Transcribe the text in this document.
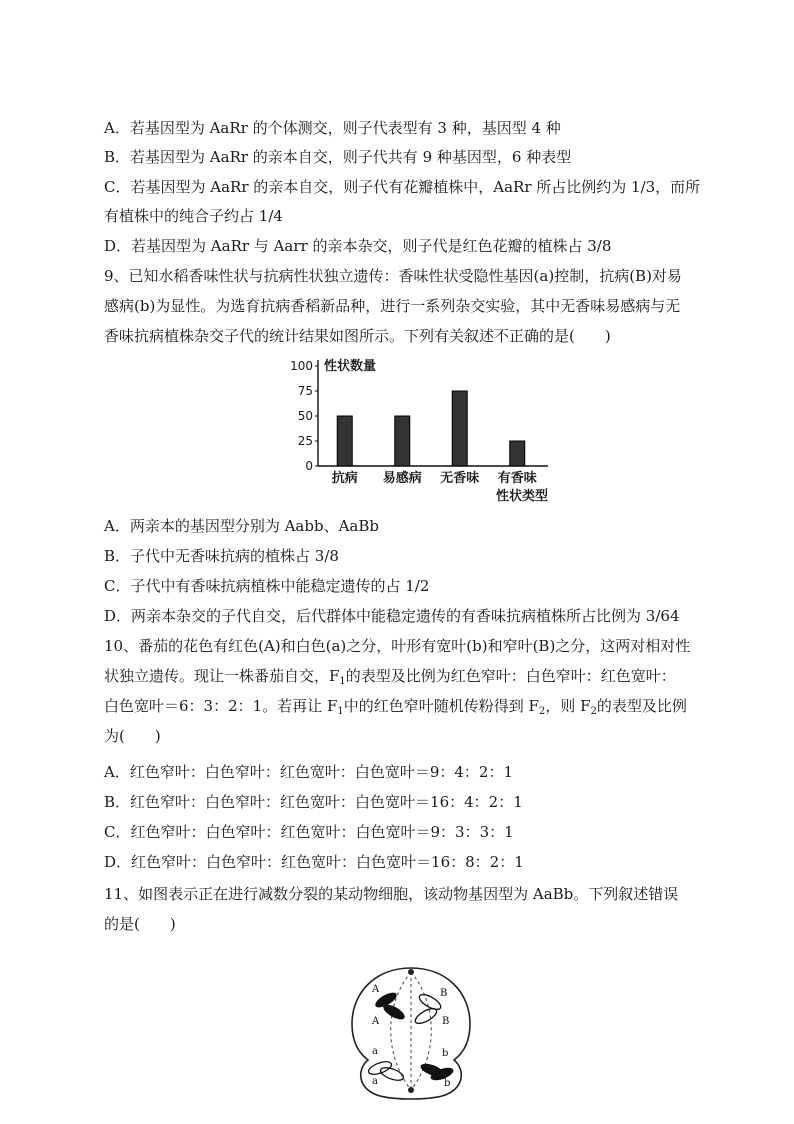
A．若基因型为 AaRr 的个体测交，则子代表型有 3 种，基因型 4 种
B．若基因型为 AaRr 的亲本自交，则子代共有 9 种基因型，6 种表型
C．若基因型为 AaRr 的亲本自交，则子代有花瓣植株中，AaRr 所占比例约为 1/3，而所
有植株中的纯合子约占 1/4
D．若基因型为 AaRr 与 Aarr 的亲本杂交，则子代是红色花瓣的植株占 3/8
9、已知水稻香味性状与抗病性状独立遗传：香味性状受隐性基因(a)控制，抗病(B)对易
感病(b)为显性。为选育抗病香稻新品种，进行一系列杂交实验，其中无香味易感病与无
香味抗病植株杂交子代的统计结果如图所示。下列有关叙述不正确的是(　　)
0
25
50
75
100 性状数量
抗病 易感病 无香味 有香味
性状类型
A．两亲本的基因型分别为 Aabb、AaBb
B．子代中无香味抗病的植株占 3/8
C．子代中有香味抗病植株中能稳定遗传的占 1/2
D．两亲本杂交的子代自交，后代群体中能稳定遗传的有香味抗病植株所占比例为 3/64
10、番茄的花色有红色(A)和白色(a)之分，叶形有宽叶(b)和窄叶(B)之分，这两对相对性
状独立遗传。现让一株番茄自交，$F_1$的表型及比例为红色窄叶：白色窄叶：红色宽叶：
白色宽叶＝6：3：2：1。若再让 $F_1$中的红色窄叶随机传粉得到 $F_2$，则 $F_2$的表型及比例
为(　　)
A．红色窄叶：白色窄叶：红色宽叶：白色宽叶＝9：4：2：1
B．红色窄叶：白色窄叶：红色宽叶：白色宽叶＝16：4：2：1
C．红色窄叶：白色窄叶：红色宽叶：白色宽叶＝9：3：3：1
D．红色窄叶：白色窄叶：红色宽叶：白色宽叶＝16：8：2：1
11、如图表示正在进行减数分裂的某动物细胞，该动物基因型为 AaBb。下列叙述错误
的是(　　)
A
A
a
a
B
B
b
b
